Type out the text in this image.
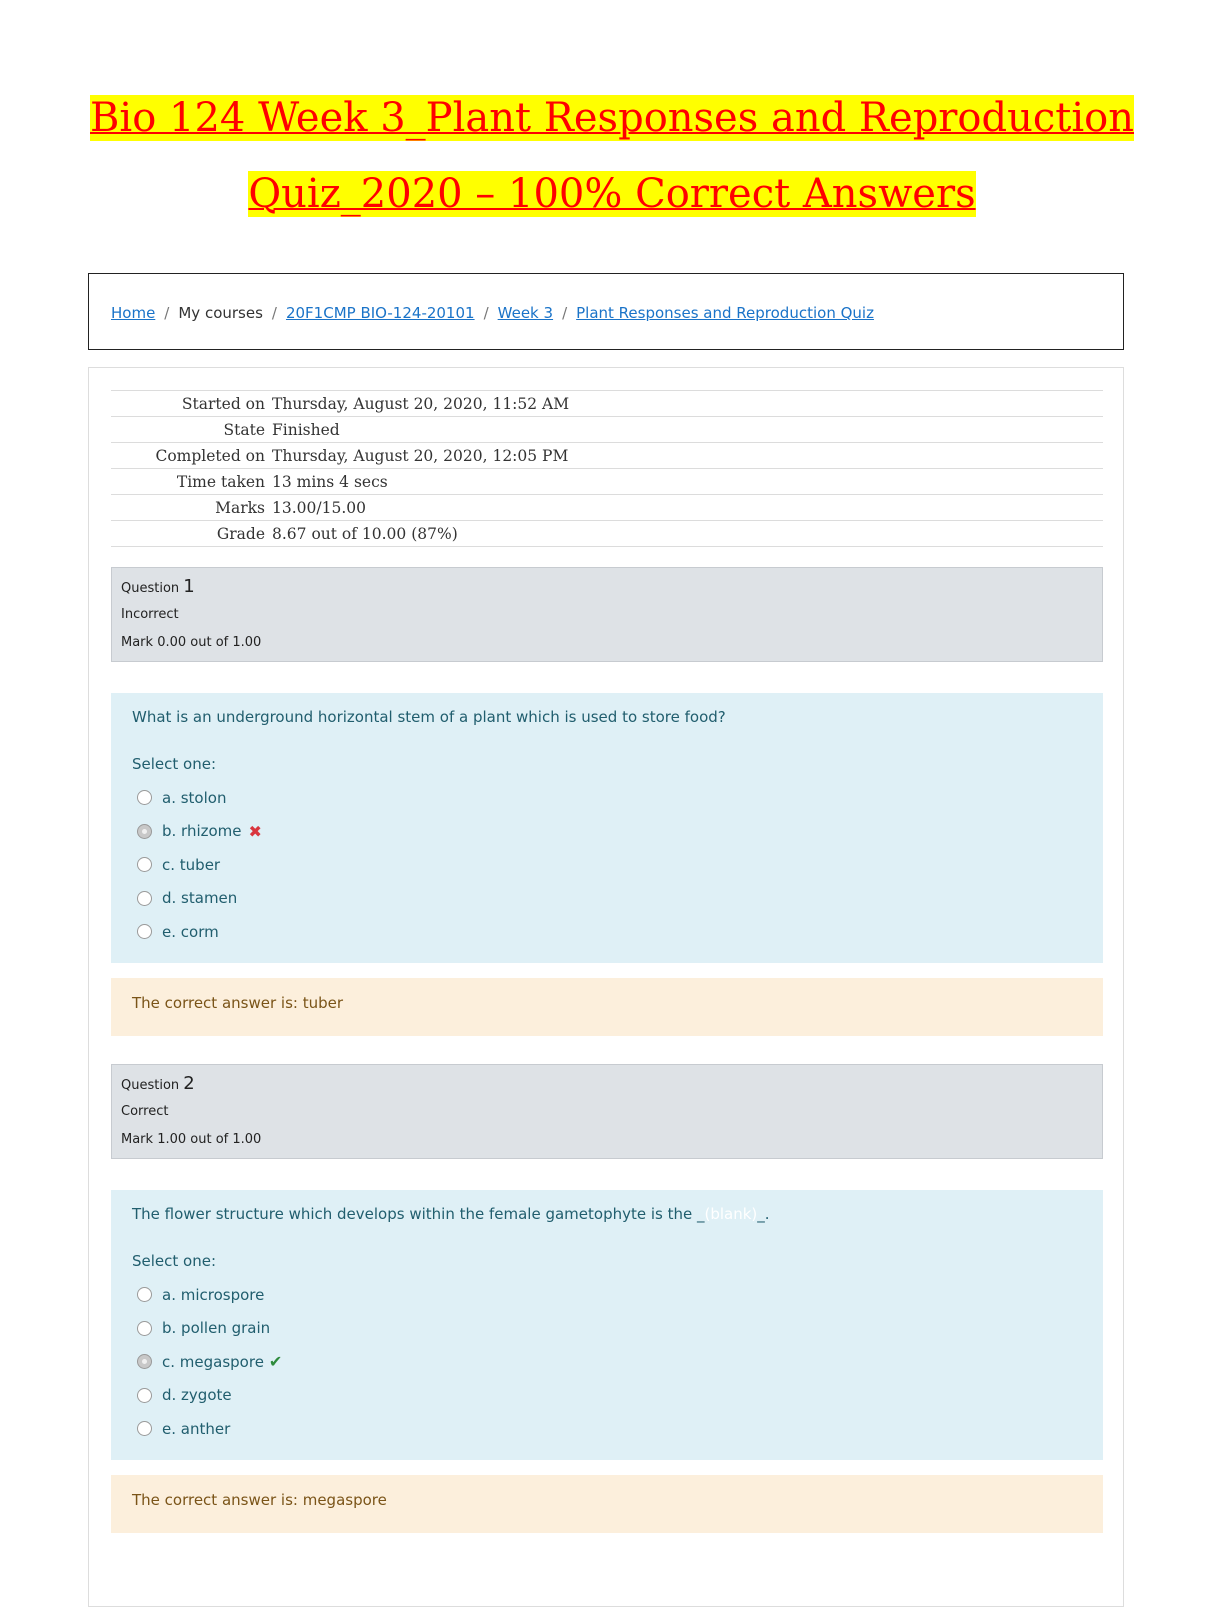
Bio 124 Week 3_Plant Responses and Reproduction
Quiz_2020 – 100% Correct Answers
Home / My courses / 20F1CMP BIO-124-20101 / Week 3 / Plant Responses and Reproduction Quiz
Started on	Thursday, August 20, 2020, 11:52 AM
State	Finished
Completed on	Thursday, August 20, 2020, 12:05 PM
Time taken	13 mins 4 secs
Marks	13.00/15.00
Grade	8.67 out of 10.00 (87%)
Question 1
Incorrect
Mark 0.00 out of 1.00
What is an underground horizontal stem of a plant which is used to store food?
Select one:
a. stolon
b. rhizome ✖
c. tuber
d. stamen
e. corm
The correct answer is: tuber
Question 2
Correct
Mark 1.00 out of 1.00
The flower structure which develops within the female gametophyte is the _(blank)_.
Select one:
a. microspore
b. pollen grain
c. megaspore ✔
d. zygote
e. anther
The correct answer is: megaspore
